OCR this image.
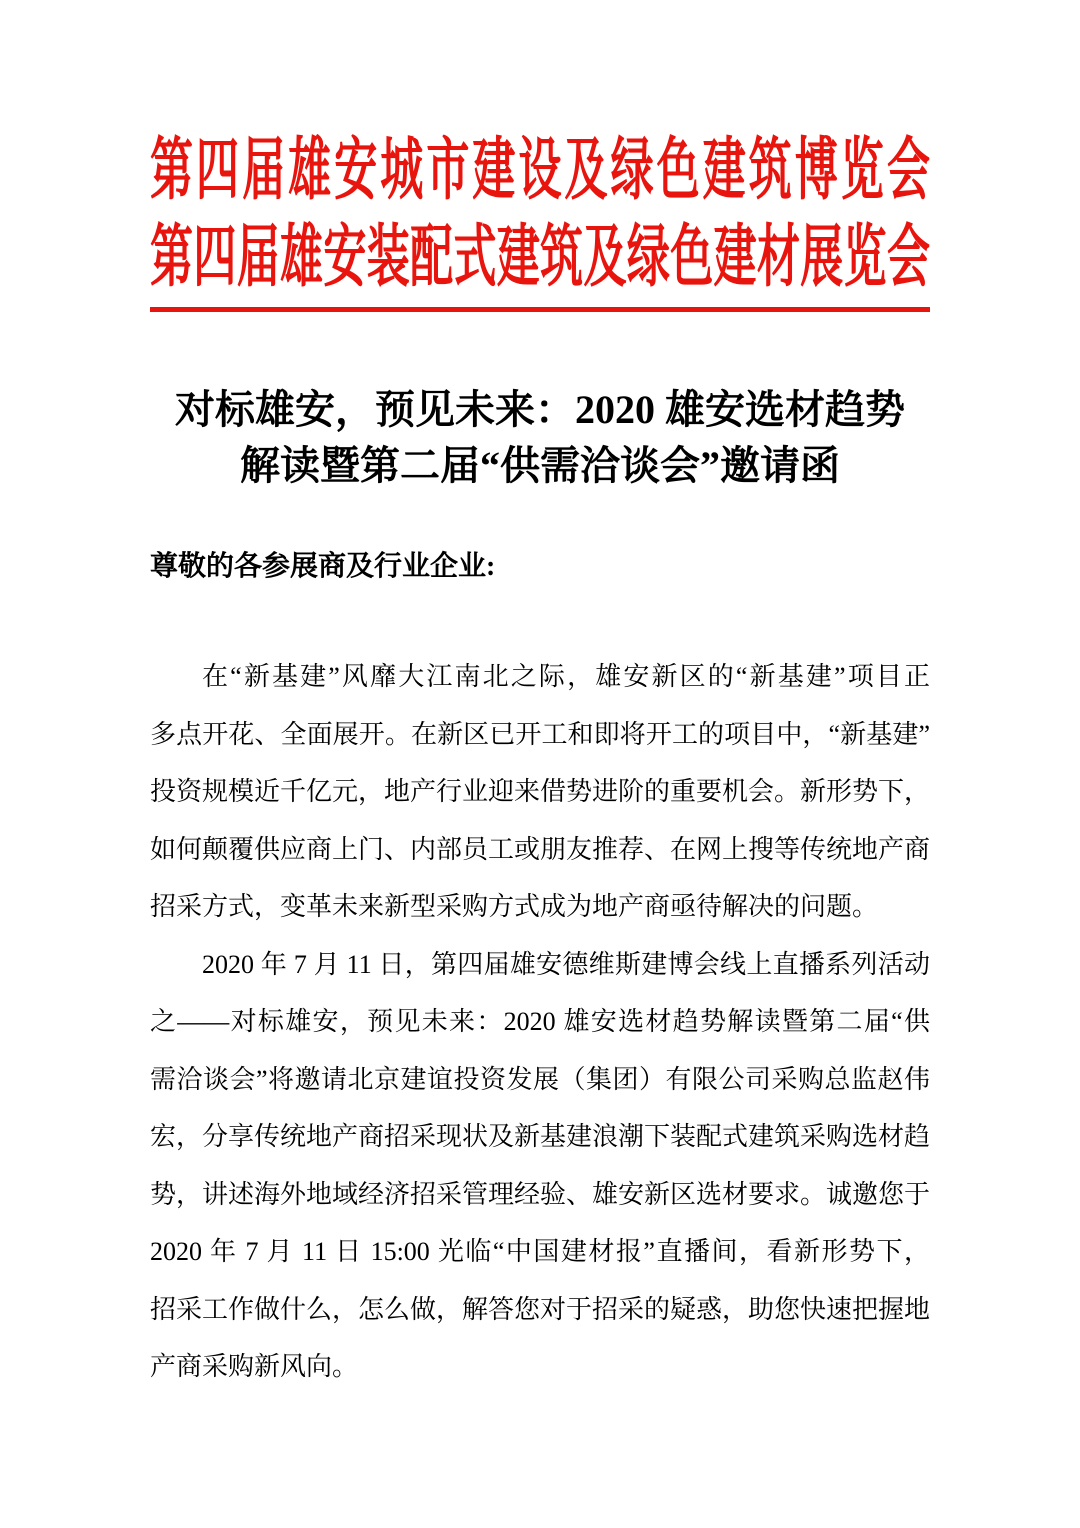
第四届雄安城市建设及绿色建筑博览会
第四届雄安装配式建筑及绿色建材展览会
对标雄安，预见未来：2020 雄安选材趋势
解读暨第二届“供需洽谈会”邀请函
尊敬的各参展商及行业企业:
在“新基建”风靡大江南北之际，雄安新区的“新基建”项目正
多点开花、全面展开。在新区已开工和即将开工的项目中，“新基建”
投资规模近千亿元，地产行业迎来借势进阶的重要机会。新形势下，
如何颠覆供应商上门、内部员工或朋友推荐、在网上搜等传统地产商
招采方式，变革未来新型采购方式成为地产商亟待解决的问题。
2020 年 7 月 11 日，第四届雄安德维斯建博会线上直播系列活动
之——对标雄安，预见未来：2020 雄安选材趋势解读暨第二届“供
需洽谈会”将邀请北京建谊投资发展（集团）有限公司采购总监赵伟
宏，分享传统地产商招采现状及新基建浪潮下装配式建筑采购选材趋
势，讲述海外地域经济招采管理经验、雄安新区选材要求。诚邀您于
2020 年 7 月 11 日 15:00 光临“中国建材报”直播间，看新形势下，
招采工作做什么，怎么做，解答您对于招采的疑惑，助您快速把握地
产商采购新风向。
